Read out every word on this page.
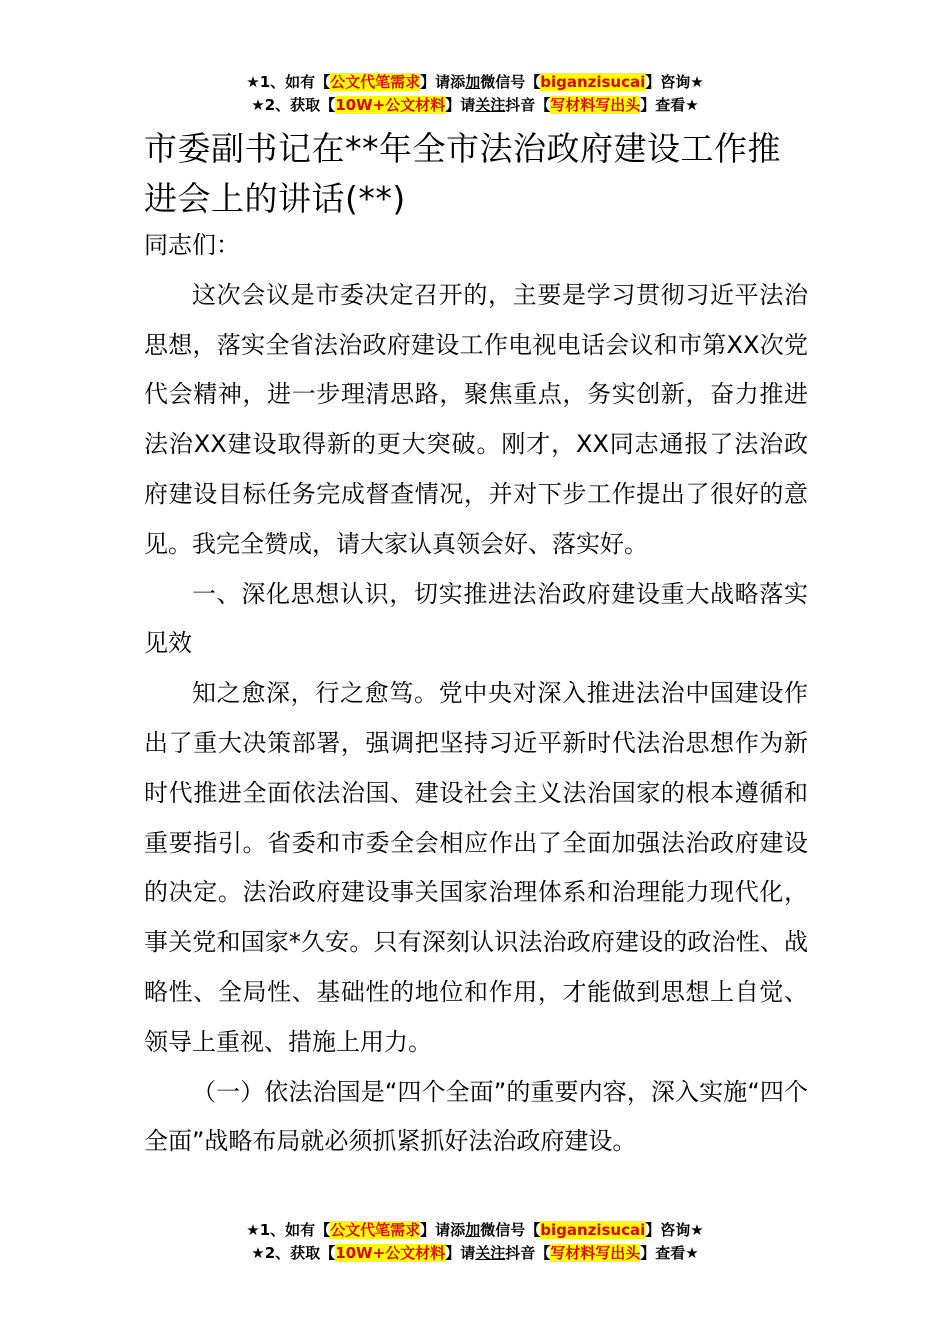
★1、如有【公文代笔需求】请添加微信号【biganzisucai】咨询★
★2、获取【10W+公文材料】请关注抖音【写材料写出头】查看★
市委副书记在**年全市法治政府建设工作推进会上的讲话(**)

同志们：

这次会议是市委决定召开的，主要是学习贯彻习近平法治思想，落实全省法治政府建设工作电视电话会议和市第XX次党代会精神，进一步理清思路，聚焦重点，务实创新，奋力推进法治XX建设取得新的更大突破。刚才，XX同志通报了法治政府建设目标任务完成督查情况，并对下步工作提出了很好的意见。我完全赞成，请大家认真领会好、落实好。

一、深化思想认识，切实推进法治政府建设重大战略落实见效

知之愈深，行之愈笃。党中央对深入推进法治中国建设作出了重大决策部署，强调把坚持习近平新时代法治思想作为新时代推进全面依法治国、建设社会主义法治国家的根本遵循和重要指引。省委和市委全会相应作出了全面加强法治政府建设的决定。法治政府建设事关国家治理体系和治理能力现代化，事关党和国家*久安。只有深刻认识法治政府建设的政治性、战略性、全局性、基础性的地位和作用，才能做到思想上自觉、领导上重视、措施上用力。

（一）依法治国是“四个全面”的重要内容，深入实施“四个全面”战略布局就必须抓紧抓好法治政府建设。

★1、如有【公文代笔需求】请添加微信号【biganzisucai】咨询★
★2、获取【10W+公文材料】请关注抖音【写材料写出头】查看★
